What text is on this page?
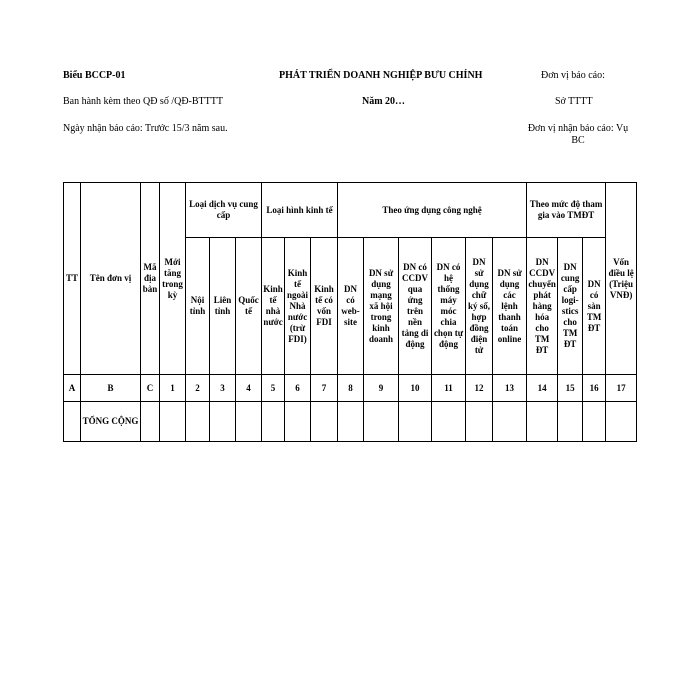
Biểu BCCP-01	PHÁT TRIỂN DOANH NGHIỆP BƯU CHÍNH	Đơn vị báo cáo:
Ban hành kèm theo QĐ số /QĐ-BTTTT	Năm 20…	Sở TTTT
Ngày nhận báo cáo: Trước 15/3 năm sau.	Đơn vị nhận báo cáo: Vụ BC
TT	Tên đơn vị	Mã địa bàn	Mới tăng trong kỳ	Loại dịch vụ cung cấp			Loại hình kinh tế			Theo ứng dụng công nghệ						Theo mức độ tham gia vào TMĐT			Vốn điều lệ (Triệu VNĐ)
				Nội tỉnh	Liên tỉnh	Quốc tế	Kinh tế nhà nước	Kinh tế ngoài Nhà nước (trừ FDI)	Kinh tế có vốn FDI	DN có web-site	DN sử dụng mạng xã hội trong kinh doanh	DN có CCDV qua ứng trên nền tảng di động	DN có hệ thống máy móc chia chọn tự động	DN sử dụng chữ ký số, hợp đồng điện tử	DN sử dụng các lệnh thanh toán online	DN CCDV chuyển phát hàng hóa cho TM ĐT	DN cung cấp logi-stics cho TM ĐT	DN có sàn TM ĐT	
A	B	C	1	2	3	4	5	6	7	8	9	10	11	12	13	14	15	16	17
	TỔNG CỘNG																		
